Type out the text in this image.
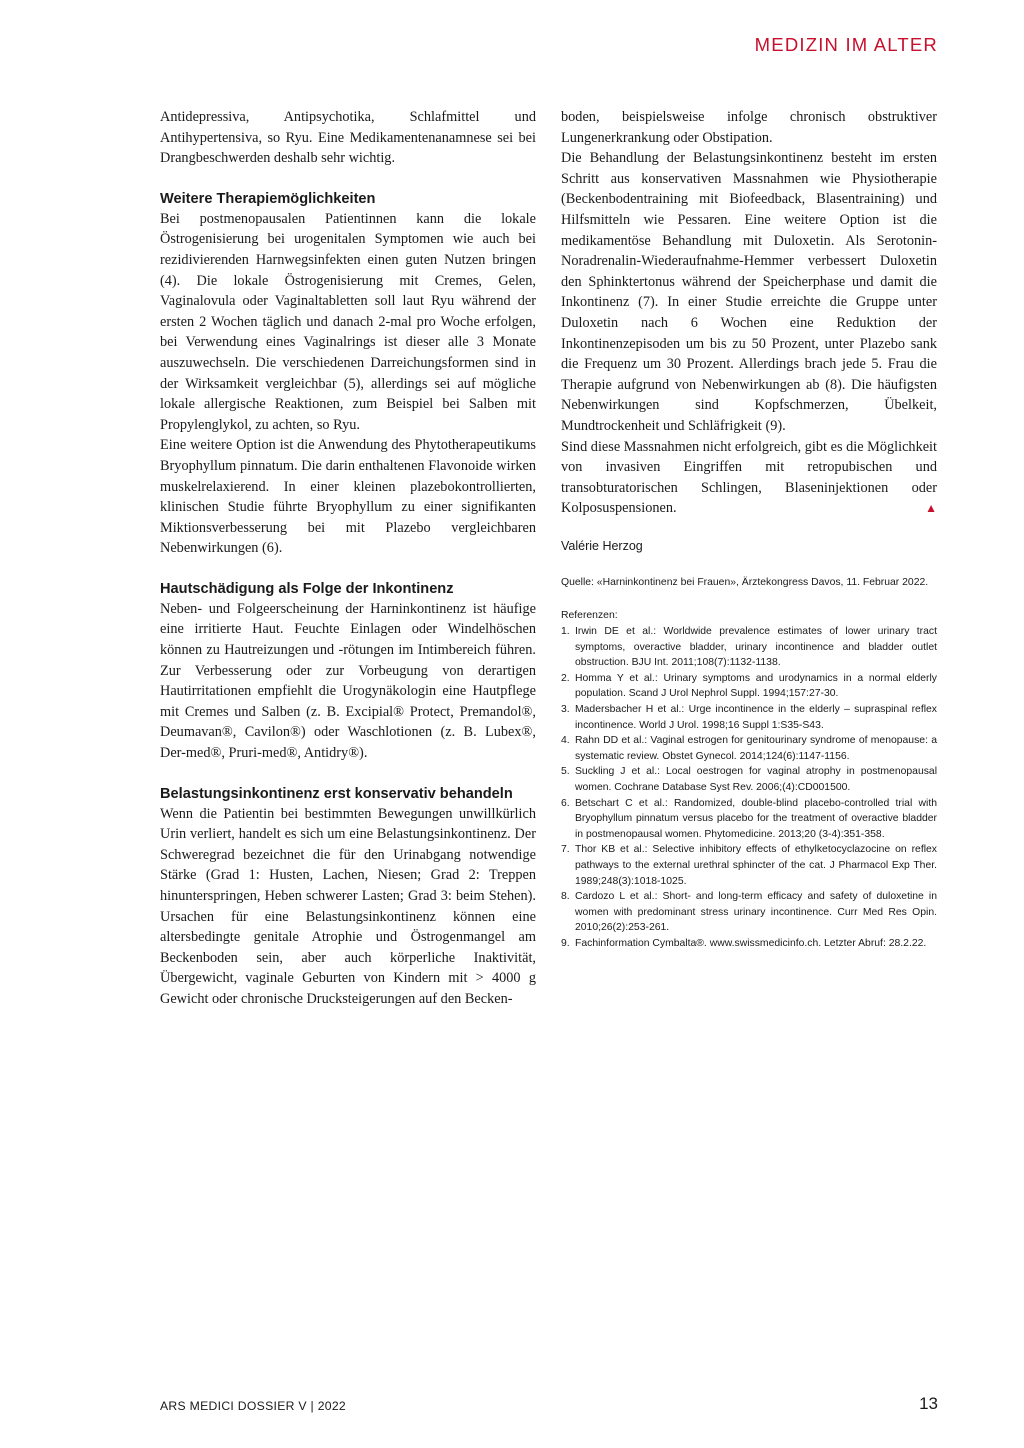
MEDIZIN IM ALTER

Antidepressiva, Antipsychotika, Schlafmittel und Antihypertensiva, so Ryu. Eine Medikamentenanamnese sei bei Drangbeschwerden deshalb sehr wichtig.

Weitere Therapiemöglichkeiten

Bei postmenopausalen Patientinnen kann die lokale Östrogenisierung bei urogenitalen Symptomen wie auch bei rezidivierenden Harnwegsinfekten einen guten Nutzen bringen (4). Die lokale Östrogenisierung mit Cremes, Gelen, Vaginalovula oder Vaginaltabletten soll laut Ryu während der ersten 2 Wochen täglich und danach 2-mal pro Woche erfolgen, bei Verwendung eines Vaginalrings ist dieser alle 3 Monate auszuwechseln. Die verschiedenen Darreichungsformen sind in der Wirksamkeit vergleichbar (5), allerdings sei auf mögliche lokale allergische Reaktionen, zum Beispiel bei Salben mit Propylenglykol, zu achten, so Ryu.

Eine weitere Option ist die Anwendung des Phytotherapeutikums Bryophyllum pinnatum. Die darin enthaltenen Flavonoide wirken muskelrelaxierend. In einer kleinen plazebokontrollierten, klinischen Studie führte Bryophyllum zu einer signifikanten Miktionsverbesserung bei mit Plazebo vergleichbaren Nebenwirkungen (6).

Hautschädigung als Folge der Inkontinenz

Neben- und Folgeerscheinung der Harninkontinenz ist häufige eine irritierte Haut. Feuchte Einlagen oder Windelhöschen können zu Hautreizungen und -rötungen im Intimbereich führen. Zur Verbesserung oder zur Vorbeugung von derartigen Hautirritationen empfiehlt die Urogynäkologin eine Hautpflege mit Cremes und Salben (z. B. Excipial® Protect, Premandol®, Deumavan®, Cavilon®) oder Waschlotionen (z. B. Lubex®, Der-med®, Pruri-med®, Antidry®).

Belastungsinkontinenz erst konservativ behandeln

Wenn die Patientin bei bestimmten Bewegungen unwillkürlich Urin verliert, handelt es sich um eine Belastungsinkontinenz. Der Schweregrad bezeichnet die für den Urinabgang notwendige Stärke (Grad 1: Husten, Lachen, Niesen; Grad 2: Treppen hinunterspringen, Heben schwerer Lasten; Grad 3: beim Stehen). Ursachen für eine Belastungsinkontinenz können eine altersbedingte genitale Atrophie und Östrogenmangel am Beckenboden sein, aber auch körperliche Inaktivität, Übergewicht, vaginale Geburten von Kindern mit > 4000 g Gewicht oder chronische Drucksteigerungen auf den Becken-

boden, beispielsweise infolge chronisch obstruktiver Lungenerkrankung oder Obstipation.

Die Behandlung der Belastungsinkontinenz besteht im ersten Schritt aus konservativen Massnahmen wie Physiotherapie (Beckenbodentraining mit Biofeedback, Blasentraining) und Hilfsmitteln wie Pessaren. Eine weitere Option ist die medikamentöse Behandlung mit Duloxetin. Als Serotonin-Noradrenalin-Wiederaufnahme-Hemmer verbessert Duloxetin den Sphinktertonus während der Speicherphase und damit die Inkontinenz (7). In einer Studie erreichte die Gruppe unter Duloxetin nach 6 Wochen eine Reduktion der Inkontinenzepisoden um bis zu 50 Prozent, unter Plazebo sank die Frequenz um 30 Prozent. Allerdings brach jede 5. Frau die Therapie aufgrund von Nebenwirkungen ab (8). Die häufigsten Nebenwirkungen sind Kopfschmerzen, Übelkeit, Mundtrockenheit und Schläfrigkeit (9).

Sind diese Massnahmen nicht erfolgreich, gibt es die Möglichkeit von invasiven Eingriffen mit retropubischen und transobturatorischen Schlingen, Blaseninjektionen oder Kolposuspensionen.	▲

Valérie Herzog
Quelle: «Harninkontinenz bei Frauen», Ärztekongress Davos, 11. Februar 2022.
Referenzen:
1. Irwin DE et al.: Worldwide prevalence estimates of lower urinary tract symptoms, overactive bladder, urinary incontinence and bladder outlet obstruction. BJU Int. 2011;108(7):1132-1138.
2. Homma Y et al.: Urinary symptoms and urodynamics in a normal elderly population. Scand J Urol Nephrol Suppl. 1994;157:27-30.
3. Madersbacher H et al.: Urge incontinence in the elderly – supraspinal reflex incontinence. World J Urol. 1998;16 Suppl 1:S35-S43.
4. Rahn DD et al.: Vaginal estrogen for genitourinary syndrome of menopause: a systematic review. Obstet Gynecol. 2014;124(6):1147-1156.
5. Suckling J et al.: Local oestrogen for vaginal atrophy in postmenopausal women. Cochrane Database Syst Rev. 2006;(4):CD001500.
6. Betschart C et al.: Randomized, double-blind placebo-controlled trial with Bryophyllum pinnatum versus placebo for the treatment of overactive bladder in postmenopausal women. Phytomedicine. 2013;20 (3-4):351-358.
7. Thor KB et al.: Selective inhibitory effects of ethylketocyclazocine on reflex pathways to the external urethral sphincter of the cat. J Pharmacol Exp Ther. 1989;248(3):1018-1025.
8. Cardozo L et al.: Short- and long-term efficacy and safety of duloxetine in women with predominant stress urinary incontinence. Curr Med Res Opin. 2010;26(2):253-261.
9. Fachinformation Cymbalta®. www.swissmedicinfo.ch. Letzter Abruf: 28.2.22.
ARS MEDICI DOSSIER V | 2022	13
